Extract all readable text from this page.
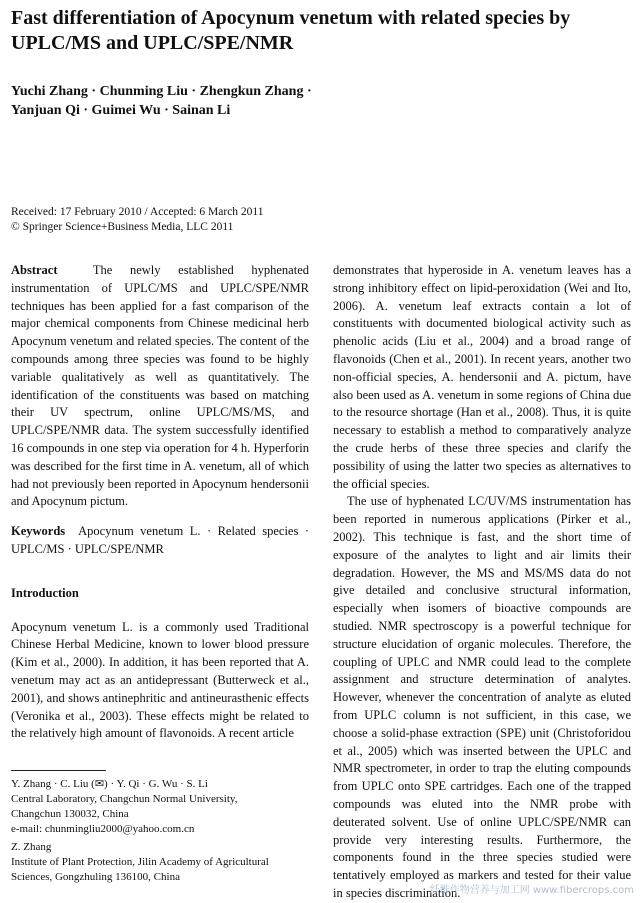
Fast differentiation of Apocynum venetum with related species by UPLC/MS and UPLC/SPE/NMR
Yuchi Zhang · Chunming Liu · Zhengkun Zhang ·
Yanjuan Qi · Guimei Wu · Sainan Li
Received: 17 February 2010 / Accepted: 6 March 2011
© Springer Science+Business Media, LLC 2011

Abstract	The newly established hyphenated instrumentation of UPLC/MS and UPLC/SPE/NMR techniques has been applied for a fast comparison of the major chemical components from Chinese medicinal herb Apocynum venetum and related species. The content of the compounds among three species was found to be highly variable qualitatively as well as quantitatively. The identification of the constituents was based on matching their UV spectrum, online UPLC/MS/MS, and UPLC/SPE/NMR data. The system successfully identified 16 compounds in one step via operation for 4 h. Hyperforin was described for the first time in A. venetum, all of which had not previously been reported in Apocynum hendersonii and Apocynum pictum.

Keywords Apocynum venetum L. · Related species · UPLC/MS · UPLC/SPE/NMR

Introduction

Apocynum venetum L. is a commonly used Traditional Chinese Herbal Medicine, known to lower blood pressure (Kim et al., 2000). In addition, it has been reported that A. venetum may act as an antidepressant (Butterweck et al., 2001), and shows antinephritic and antineurasthenic effects (Veronika et al., 2003). These effects might be related to the relatively high amount of flavonoids. A recent article

demonstrates that hyperoside in A. venetum leaves has a strong inhibitory effect on lipid-peroxidation (Wei and Ito, 2006). A. venetum leaf extracts contain a lot of constituents with documented biological activity such as phenolic acids (Liu et al., 2004) and a broad range of flavonoids (Chen et al., 2001). In recent years, another two non-official species, A. hendersonii and A. pictum, have also been used as A. venetum in some regions of China due to the resource shortage (Han et al., 2008). Thus, it is quite necessary to establish a method to comparatively analyze the crude herbs of these three species and clarify the possibility of using the latter two species as alternatives to the official species.

The use of hyphenated LC/UV/MS instrumentation has been reported in numerous applications (Pirker et al., 2002). This technique is fast, and the short time of exposure of the analytes to light and air limits their degradation. However, the MS and MS/MS data do not give detailed and conclusive structural information, especially when isomers of bioactive compounds are studied. NMR spectroscopy is a powerful technique for structure elucidation of organic molecules. Therefore, the coupling of UPLC and NMR could lead to the complete assignment and structure determination of analytes. However, whenever the concentration of analyte as eluted from UPLC column is not sufficient, in this case, we choose a solid-phase extraction (SPE) unit (Christoforidou et al., 2005) which was inserted between the UPLC and NMR spectrometer, in order to trap the eluting compounds from UPLC onto SPE cartridges. Each one of the trapped compounds was eluted into the NMR probe with deuterated solvent. Use of online UPLC/SPE/NMR can provide very interesting results. Furthermore, the components found in the three species studied were tentatively employed as markers and tested for their value in species discrimination.

Y. Zhang · C. Liu (✉) · Y. Qi · G. Wu · S. Li

Central Laboratory, Changchun Normal University,

Changchun 130032, China

e-mail: chunmingliu2000@yahoo.com.cn

Z. Zhang

Institute of Plant Protection, Jilin Academy of Agricultural

Sciences, Gongzhuling 136100, China

纤维作物营养与加工网 www.fibercrops.com
